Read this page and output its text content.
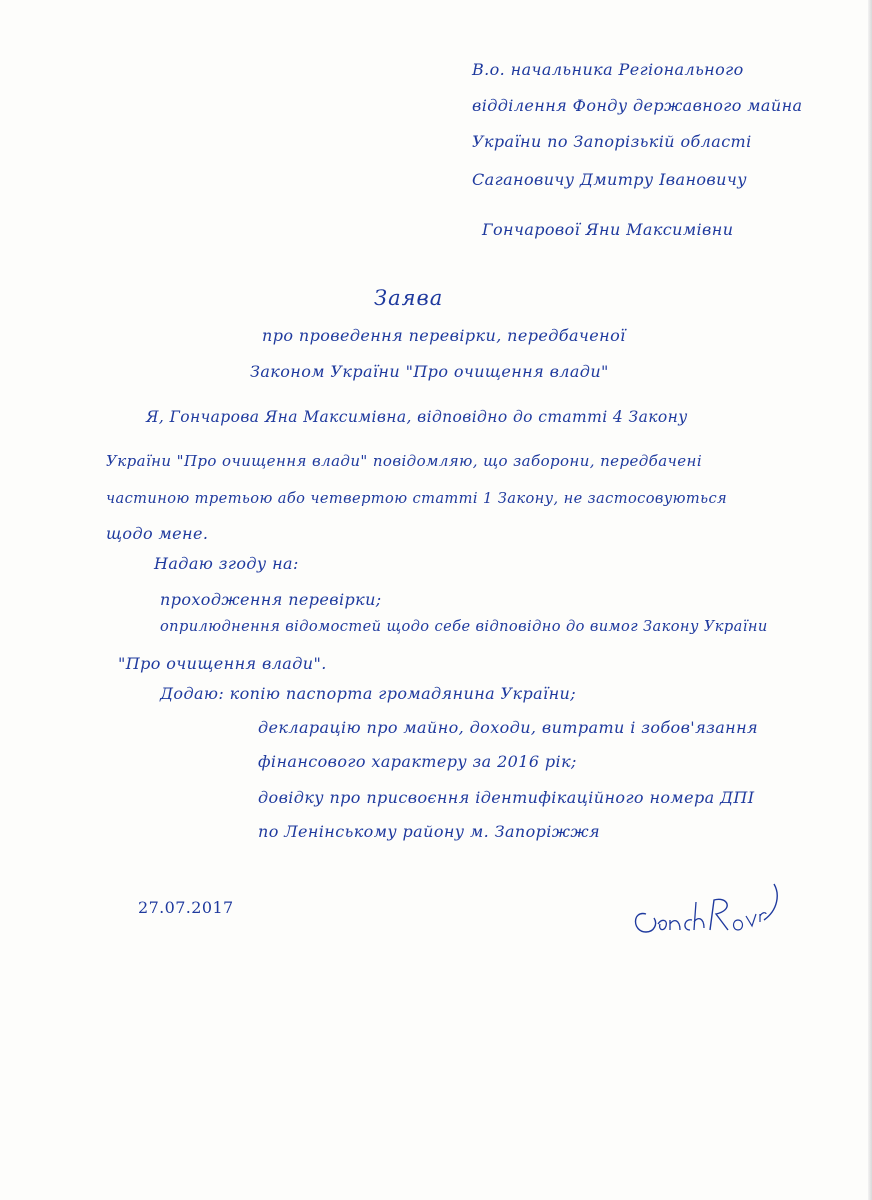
В.о. начальника Регіонального
відділення Фонду державного майна
України по Запорізькій області
Сагановичу Дмитру Івановичу
Гончарової Яни Максимівни
Заява
про проведення перевірки, передбаченої
Законом України "Про очищення влади"
Я, Гончарова Яна Максимівна, відповідно до статті 4 Закону
України "Про очищення влади" повідомляю, що заборони, передбачені
частиною третьою або четвертою статті 1 Закону, не застосовуються
щодо мене.
Надаю згоду на:
проходження перевірки;
оприлюднення відомостей щодо себе відповідно до вимог Закону України
"Про очищення влади".
Додаю: копію паспорта громадянина України;
декларацію про майно, доходи, витрати і зобов'язання
фінансового характеру за 2016 рік;
довідку про присвоєння ідентифікаційного номера ДПІ
по Ленінському району м. Запоріжжя
27.07.2017
